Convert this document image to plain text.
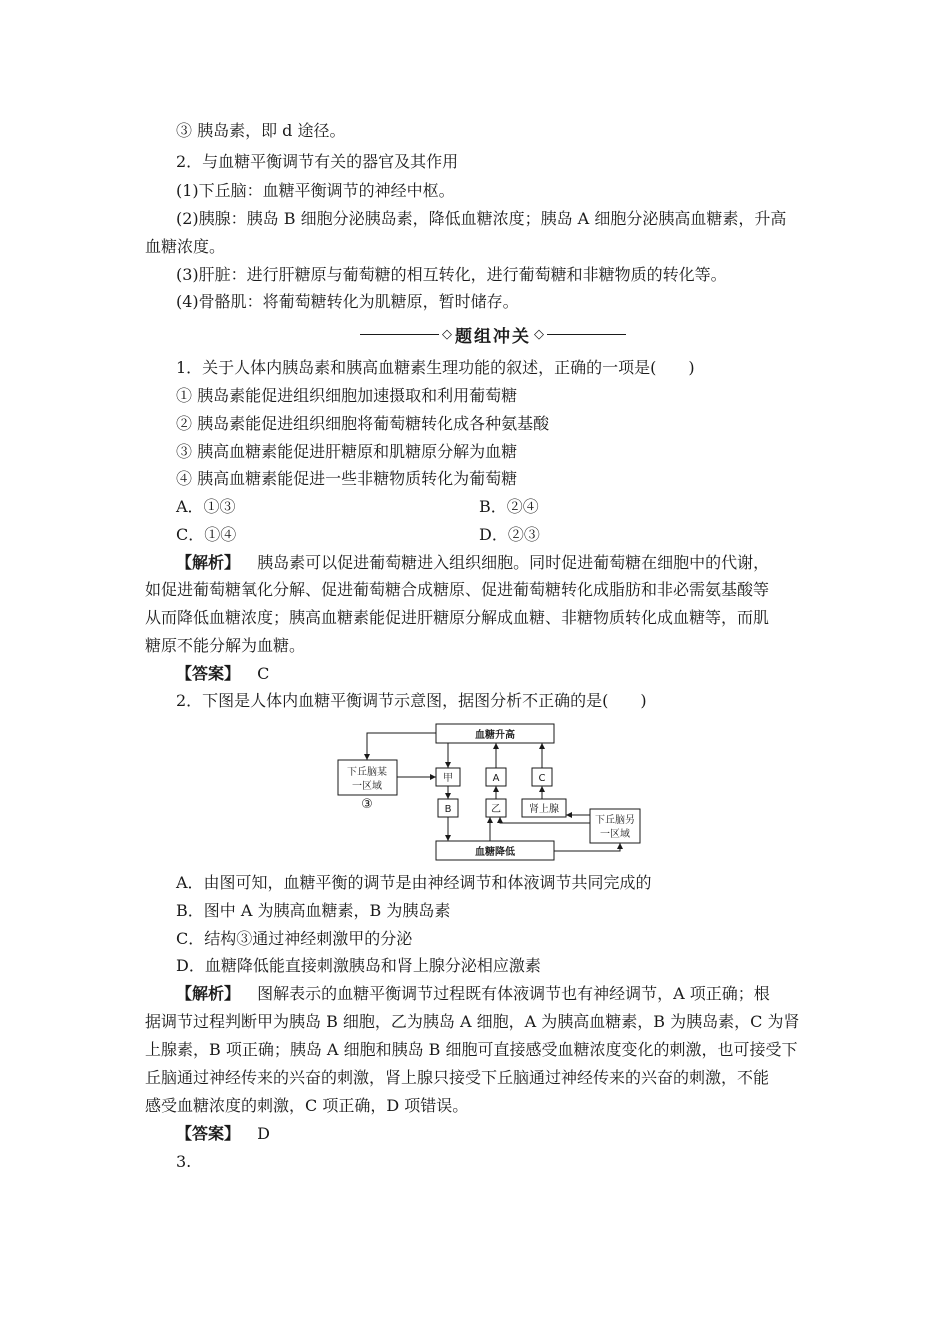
③ 胰岛素，即 d 途径。
2．与血糖平衡调节有关的器官及其作用
(1)下丘脑：血糖平衡调节的神经中枢。
(2)胰腺：胰岛 B 细胞分泌胰岛素，降低血糖浓度；胰岛 A 细胞分泌胰高血糖素，升高
血糖浓度。
(3)肝脏：进行肝糖原与葡萄糖的相互转化，进行葡萄糖和非糖物质的转化等。
(4)骨骼肌：将葡萄糖转化为肌糖原，暂时储存。
◇ 题组冲关 ◇
1．关于人体内胰岛素和胰高血糖素生理功能的叙述，正确的一项是(　　)
① 胰岛素能促进组织细胞加速摄取和利用葡萄糖
② 胰岛素能促进组织细胞将葡萄糖转化成各种氨基酸
③ 胰高血糖素能促进肝糖原和肌糖原分解为血糖
④ 胰高血糖素能促进一些非糖物质转化为葡萄糖
A．①③	B．②④
C．①④	D．②③
【解析】 胰岛素可以促进葡萄糖进入组织细胞。同时促进葡萄糖在细胞中的代谢，
如促进葡萄糖氧化分解、促进葡萄糖合成糖原、促进葡萄糖转化成脂肪和非必需氨基酸等
从而降低血糖浓度；胰高血糖素能促进肝糖原分解成血糖、非糖物质转化成血糖等，而肌
糖原不能分解为血糖。
【答案】 C
2．下图是人体内血糖平衡调节示意图，据图分析不正确的是(　　)
血糖升高
下丘脑某
一区域
③
甲	A	C
B	乙	肾上腺
下丘脑另
一区域
血糖降低
A．由图可知，血糖平衡的调节是由神经调节和体液调节共同完成的
B．图中 A 为胰高血糖素，B 为胰岛素
C．结构③通过神经刺激甲的分泌
D．血糖降低能直接刺激胰岛和肾上腺分泌相应激素
【解析】 图解表示的血糖平衡调节过程既有体液调节也有神经调节，A 项正确；根
据调节过程判断甲为胰岛 B 细胞，乙为胰岛 A 细胞，A 为胰高血糖素，B 为胰岛素，C 为肾
上腺素，B 项正确；胰岛 A 细胞和胰岛 B 细胞可直接感受血糖浓度变化的刺激，也可接受下
丘脑通过神经传来的兴奋的刺激，肾上腺只接受下丘脑通过神经传来的兴奋的刺激，不能
感受血糖浓度的刺激，C 项正确，D 项错误。
【答案】 D
3.
